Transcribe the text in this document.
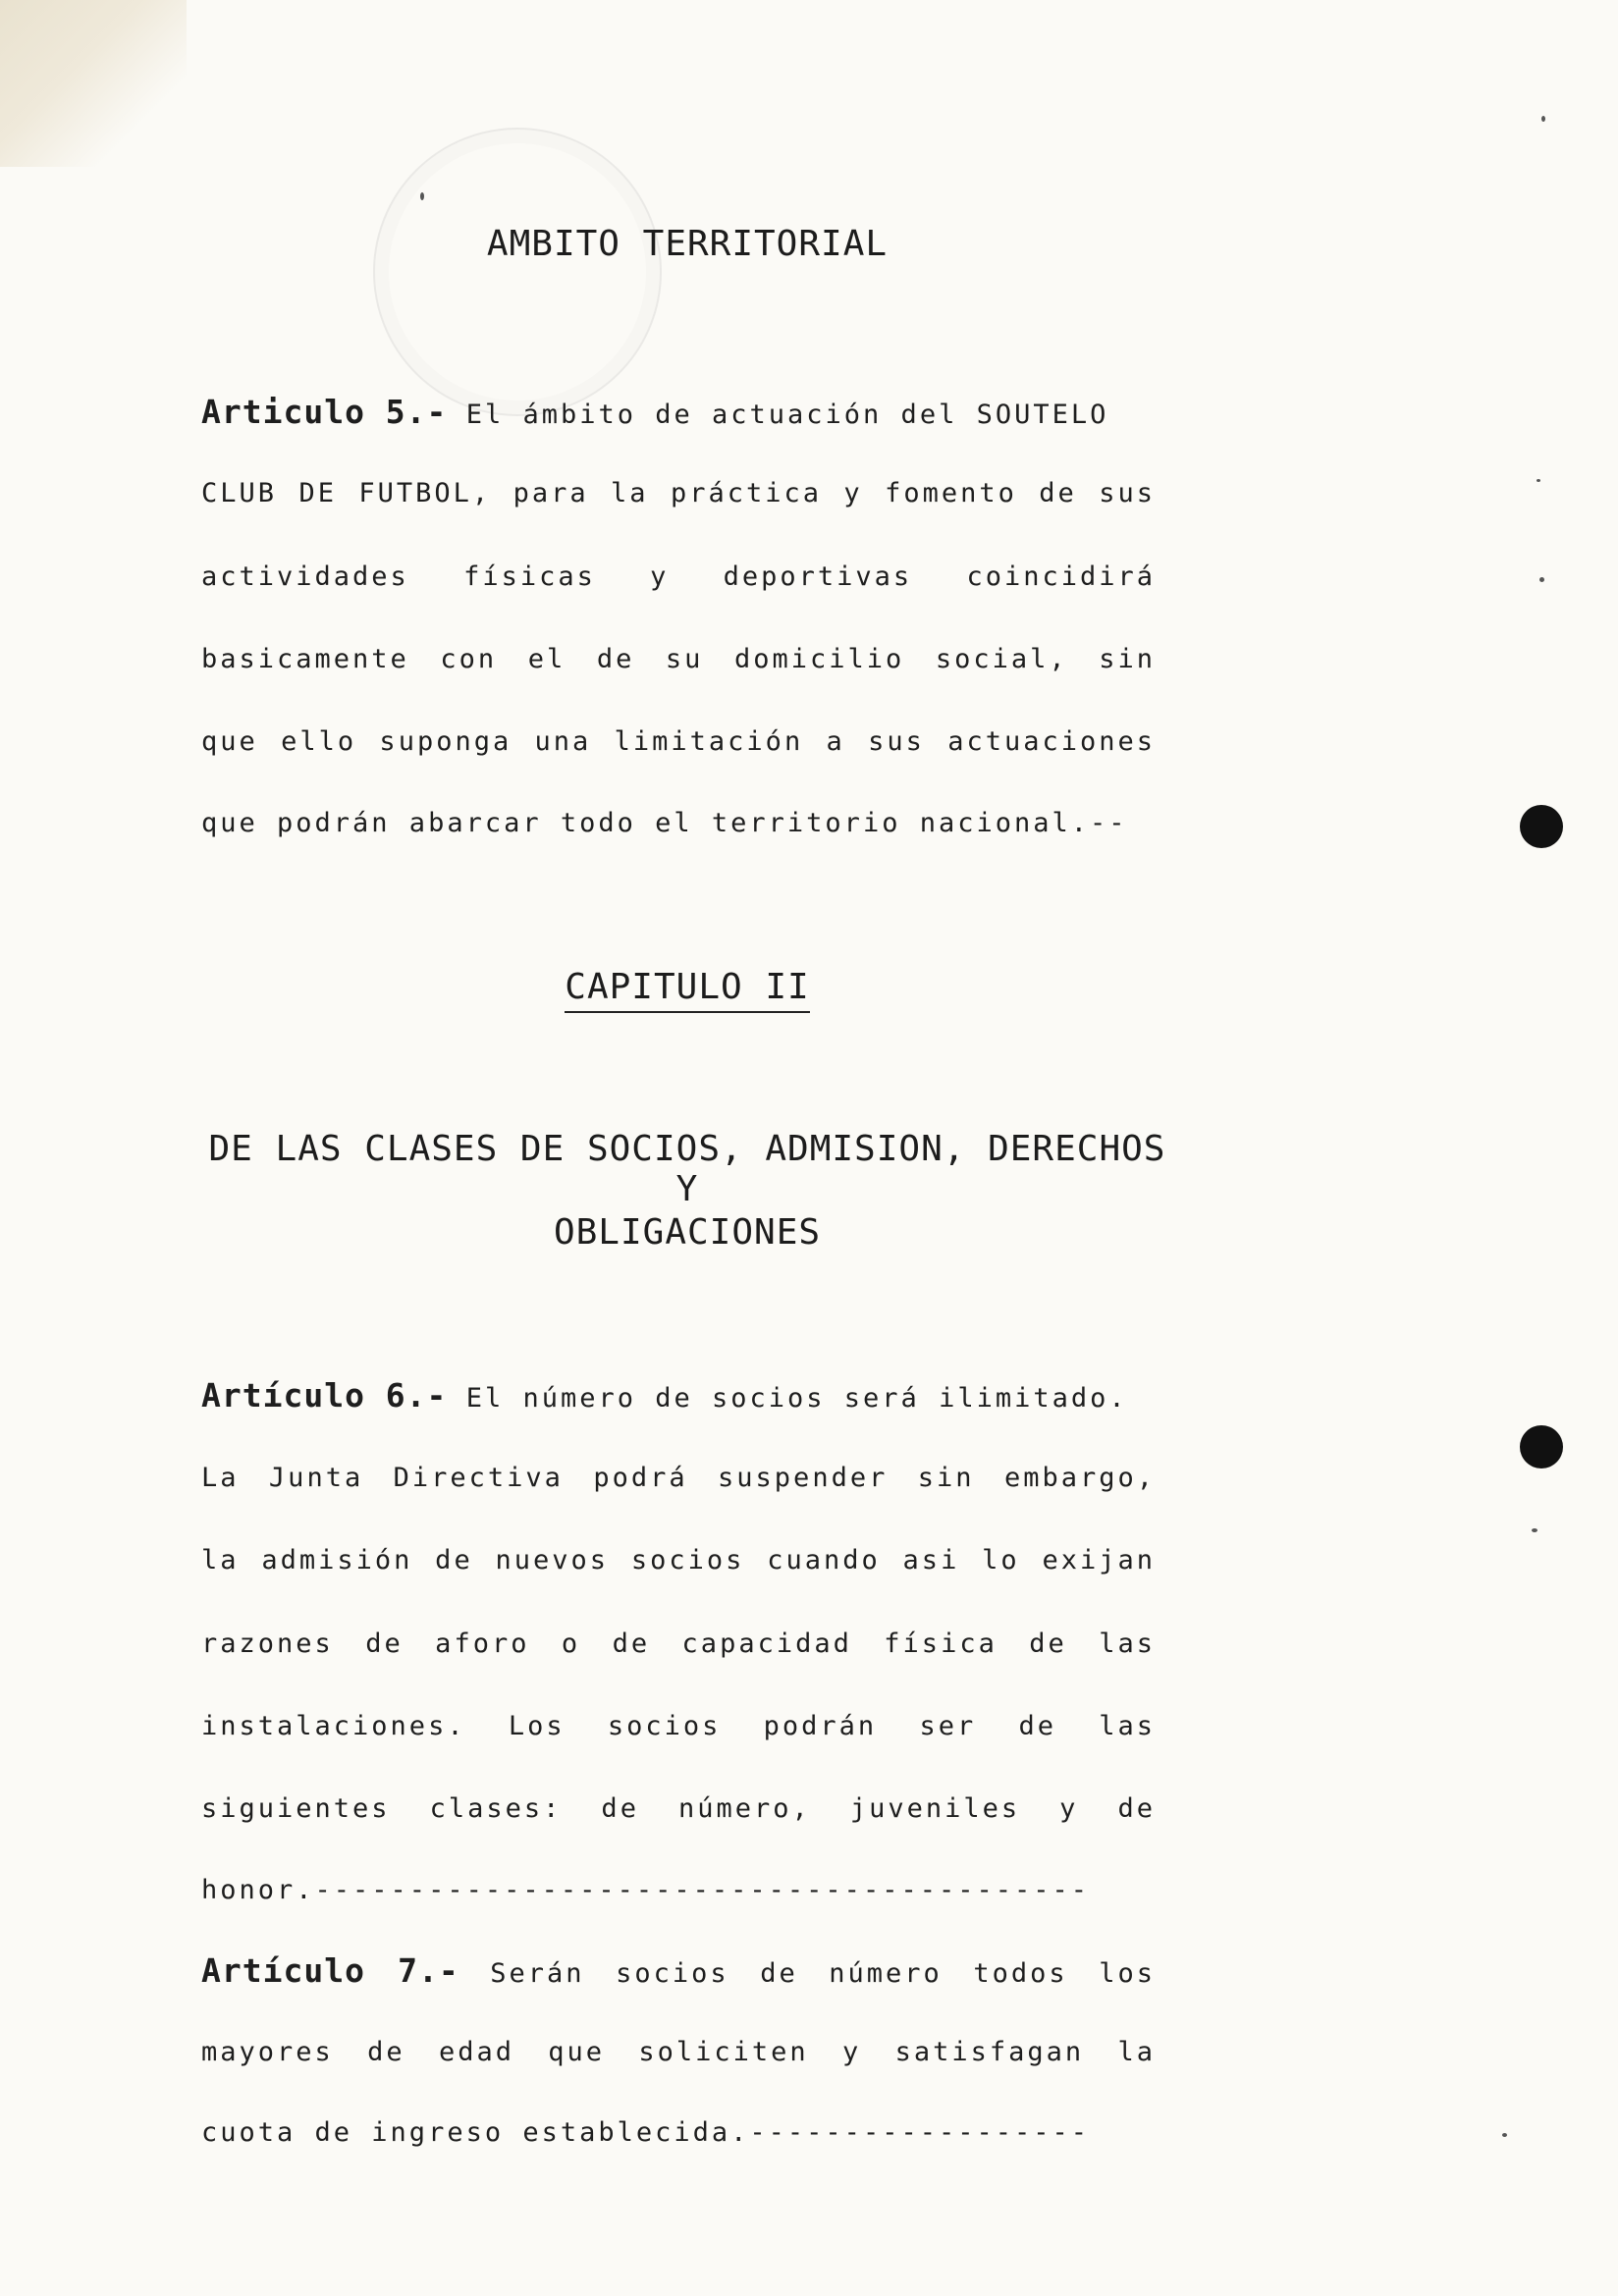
AMBITO TERRITORIAL
Articulo 5.- El ámbito de actuación del SOUTELO
CLUB DE FUTBOL, para la práctica y fomento de sus
actividades físicas y deportivas coincidirá
basicamente con el de su domicilio social, sin
que ello suponga una limitación a sus actuaciones
que podrán abarcar todo el territorio nacional.--
CAPITULO II
DE LAS CLASES DE SOCIOS, ADMISION, DERECHOS Y
OBLIGACIONES
Artículo 6.- El número de socios será ilimitado.
La Junta Directiva podrá suspender sin embargo,
la admisión de nuevos socios cuando asi lo exijan
razones de aforo o de capacidad física de las
instalaciones. Los socios podrán ser de las
siguientes clases: de número, juveniles y de
honor.-----------------------------------------
Artículo 7.- Serán socios de número todos los
mayores de edad que soliciten y satisfagan la
cuota de ingreso establecida.------------------
